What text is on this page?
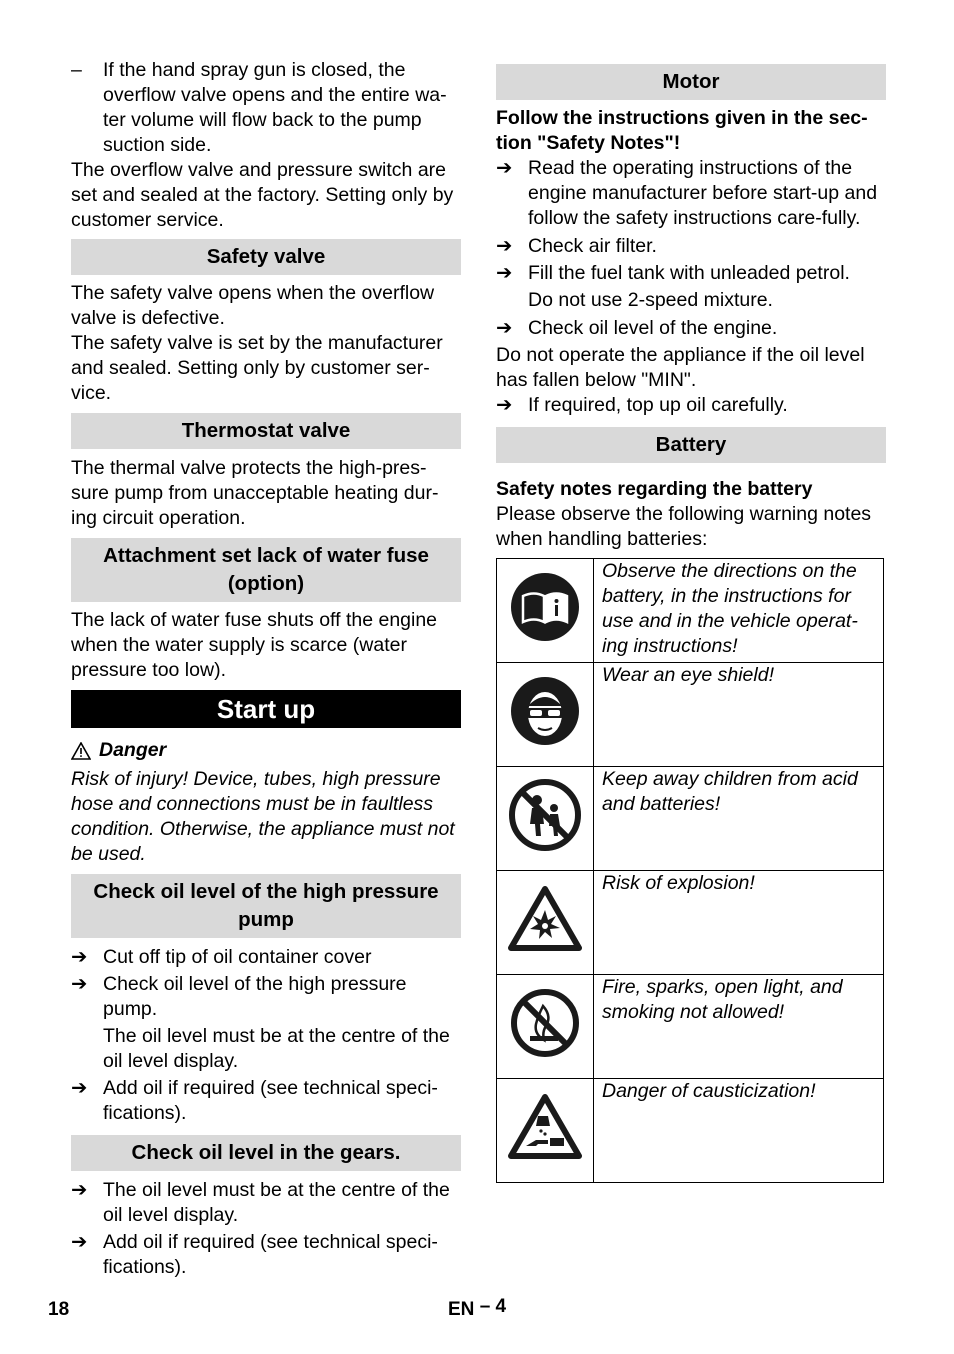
– If the hand spray gun is closed, the overflow valve opens and the entire wa-ter volume will flow back to the pump suction side.

The overflow valve and pressure switch are set and sealed at the factory. Setting only by customer service.

Safety valve

The safety valve opens when the overflow valve is defective.

The safety valve is set by the manufacturer and sealed. Setting only by customer ser-vice.

Thermostat valve

The thermal valve protects the high-pres-sure pump from unacceptable heating dur-ing circuit operation.

Attachment set lack of water fuse (option)

The lack of water fuse shuts off the engine when the water supply is scarce (water pressure too low).

Start up
Danger

Risk of injury! Device, tubes, high pressure hose and connections must be in faultless condition. Otherwise, the appliance must not be used.

Check oil level of the high pressure pump
➔ Cut off tip of oil container cover

➔ Check oil level of the high pressure pump.

The oil level must be at the centre of the oil level display.

➔ Add oil if required (see technical speci-fications).

Check oil level in the gears.
➔ The oil level must be at the centre of the oil level display.

➔ Add oil if required (see technical speci-fications).

Motor

Follow the instructions given in the sec-tion "Safety Notes"!

➔ Read the operating instructions of the engine manufacturer before start-up and follow the safety instructions care-fully.

➔ Check air filter.

➔ Fill the fuel tank with unleaded petrol.

Do not use 2-speed mixture.

➔ Check oil level of the engine.

Do not operate the appliance if the oil level has fallen below "MIN".

➔ If required, top up oil carefully.

Battery

Safety notes regarding the battery

Please observe the following warning notes when handling batteries:

	Observe the directions on the battery, in the instructions for use and in the vehicle operat-ing instructions!
	Wear an eye shield!
	Keep away children from acid and batteries!
	Risk of explosion!
	Fire, sparks, open light, and smoking not allowed!
	Danger of causticization!
18	EN – 4
